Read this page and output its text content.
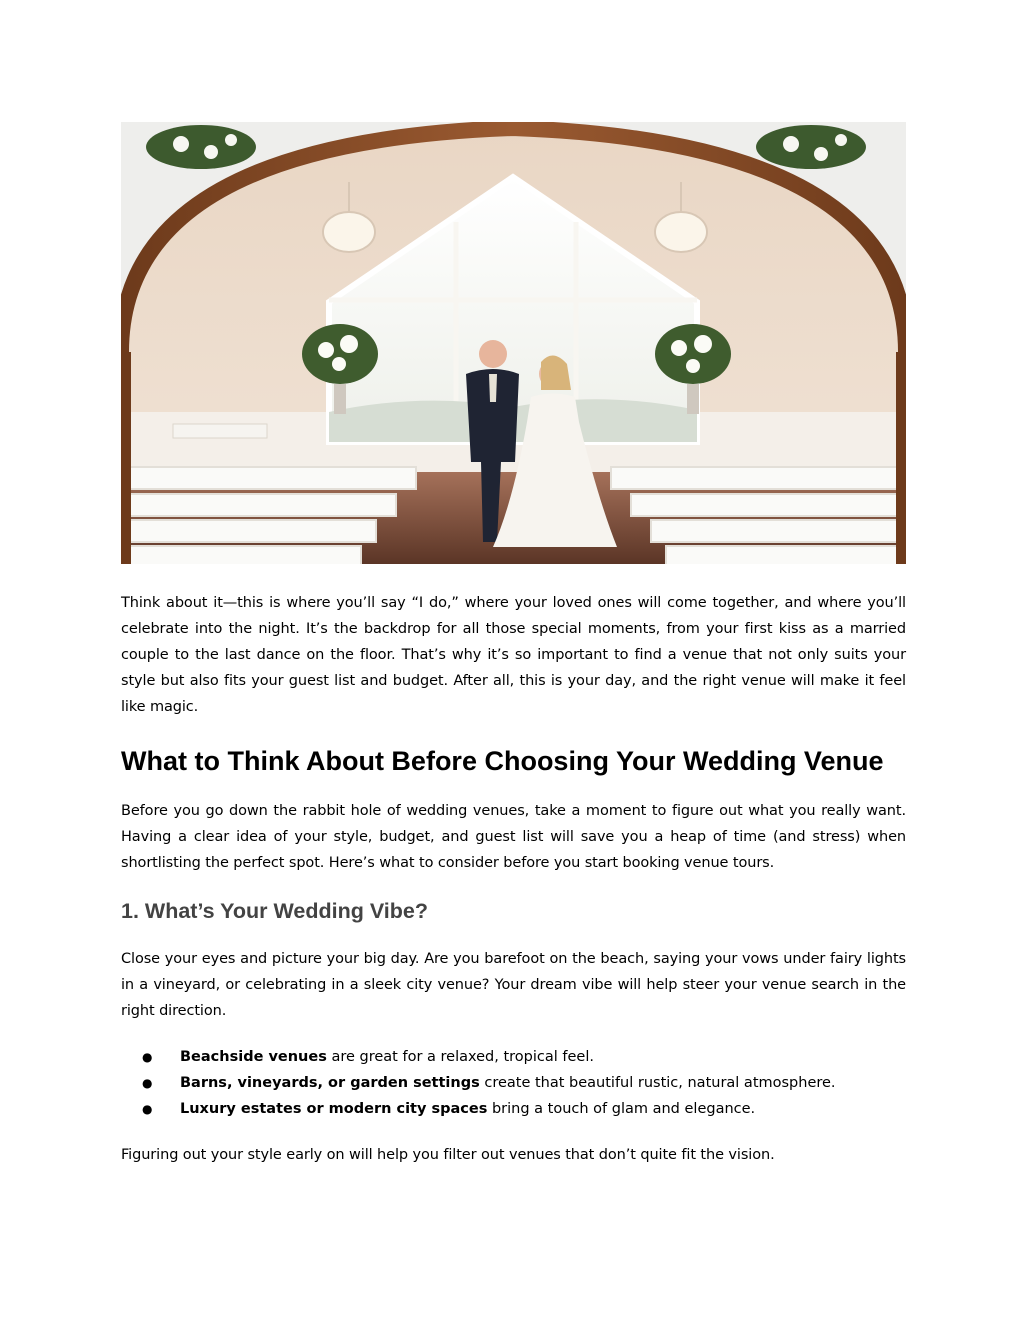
Think about it—this is where you’ll say “I do,” where your loved ones will come together, and where you’ll celebrate into the night. It’s the backdrop for all those special moments, from your first kiss as a married couple to the last dance on the floor. That’s why it’s so important to find a venue that not only suits your style but also fits your guest list and budget. After all, this is your day, and the right venue will make it feel like magic.

What to Think About Before Choosing Your Wedding Venue

Before you go down the rabbit hole of wedding venues, take a moment to figure out what you really want. Having a clear idea of your style, budget, and guest list will save you a heap of time (and stress) when shortlisting the perfect spot. Here’s what to consider before you start booking venue tours.

1. What’s Your Wedding Vibe?

Close your eyes and picture your big day. Are you barefoot on the beach, saying your vows under fairy lights in a vineyard, or celebrating in a sleek city venue? Your dream vibe will help steer your venue search in the right direction.

● Beachside venues are great for a relaxed, tropical feel.
● Barns, vineyards, or garden settings create that beautiful rustic, natural atmosphere.
● Luxury estates or modern city spaces bring a touch of glam and elegance.

Figuring out your style early on will help you filter out venues that don’t quite fit the vision.
